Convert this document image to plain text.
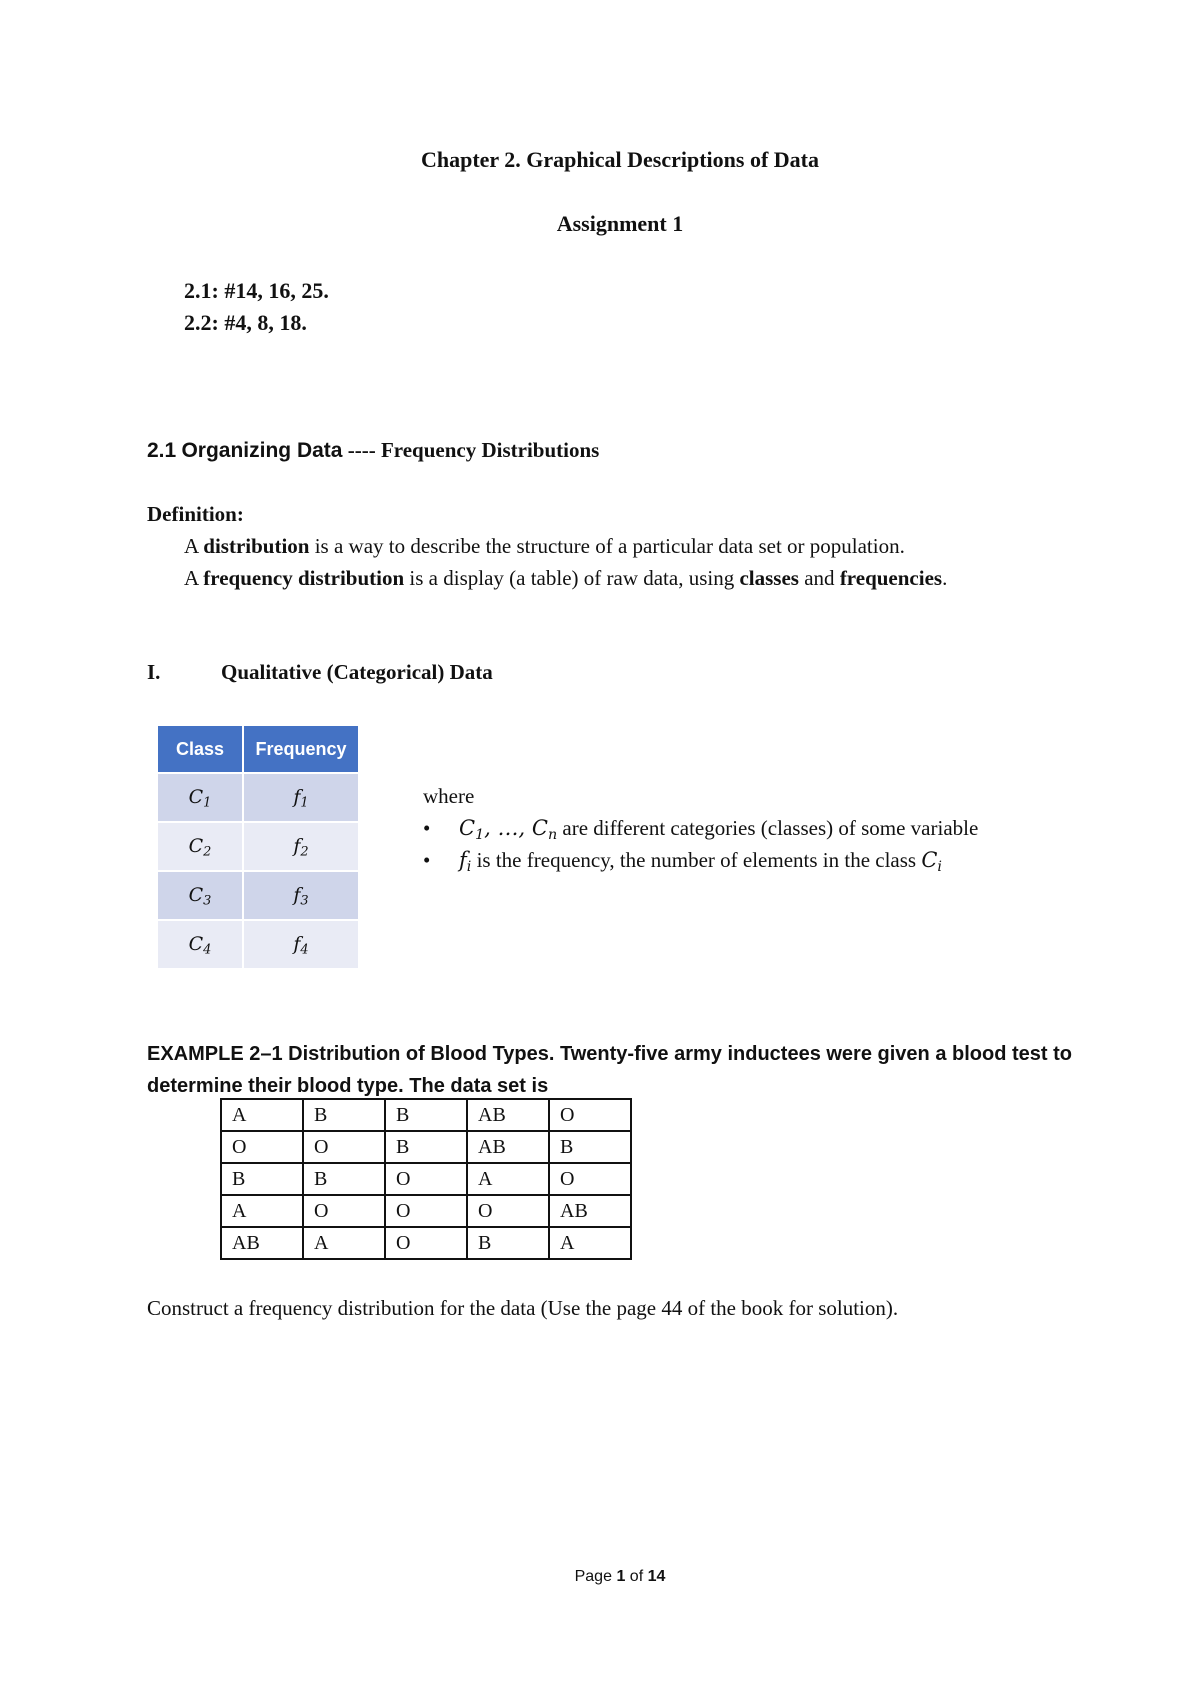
Chapter 2. Graphical Descriptions of Data
Assignment 1
2.1: #14, 16, 25.
2.2: #4, 8, 18.
2.1 Organizing Data ---- Frequency Distributions
Definition:
A distribution is a way to describe the structure of a particular data set or population.
A frequency distribution is a display (a table) of raw data, using classes and frequencies.
I.	Qualitative (Categorical) Data
Class	Frequency
$C_1$	$f_1$
$C_2$	$f_2$
$C_3$	$f_3$
$C_4$	$f_4$
where
• $C_1$, …, $C_n$ are different categories (classes) of some variable
• $f_i$ is the frequency, the number of elements in the class $C_i$
EXAMPLE 2–1 Distribution of Blood Types. Twenty-five army inductees were given a blood test to determine their blood type. The data set is
A	B	B	AB	O
O	O	B	AB	B
B	B	O	A	O
A	O	O	O	AB
AB	A	O	B	A
Construct a frequency distribution for the data (Use the page 44 of the book for solution).
Page 1 of 14
